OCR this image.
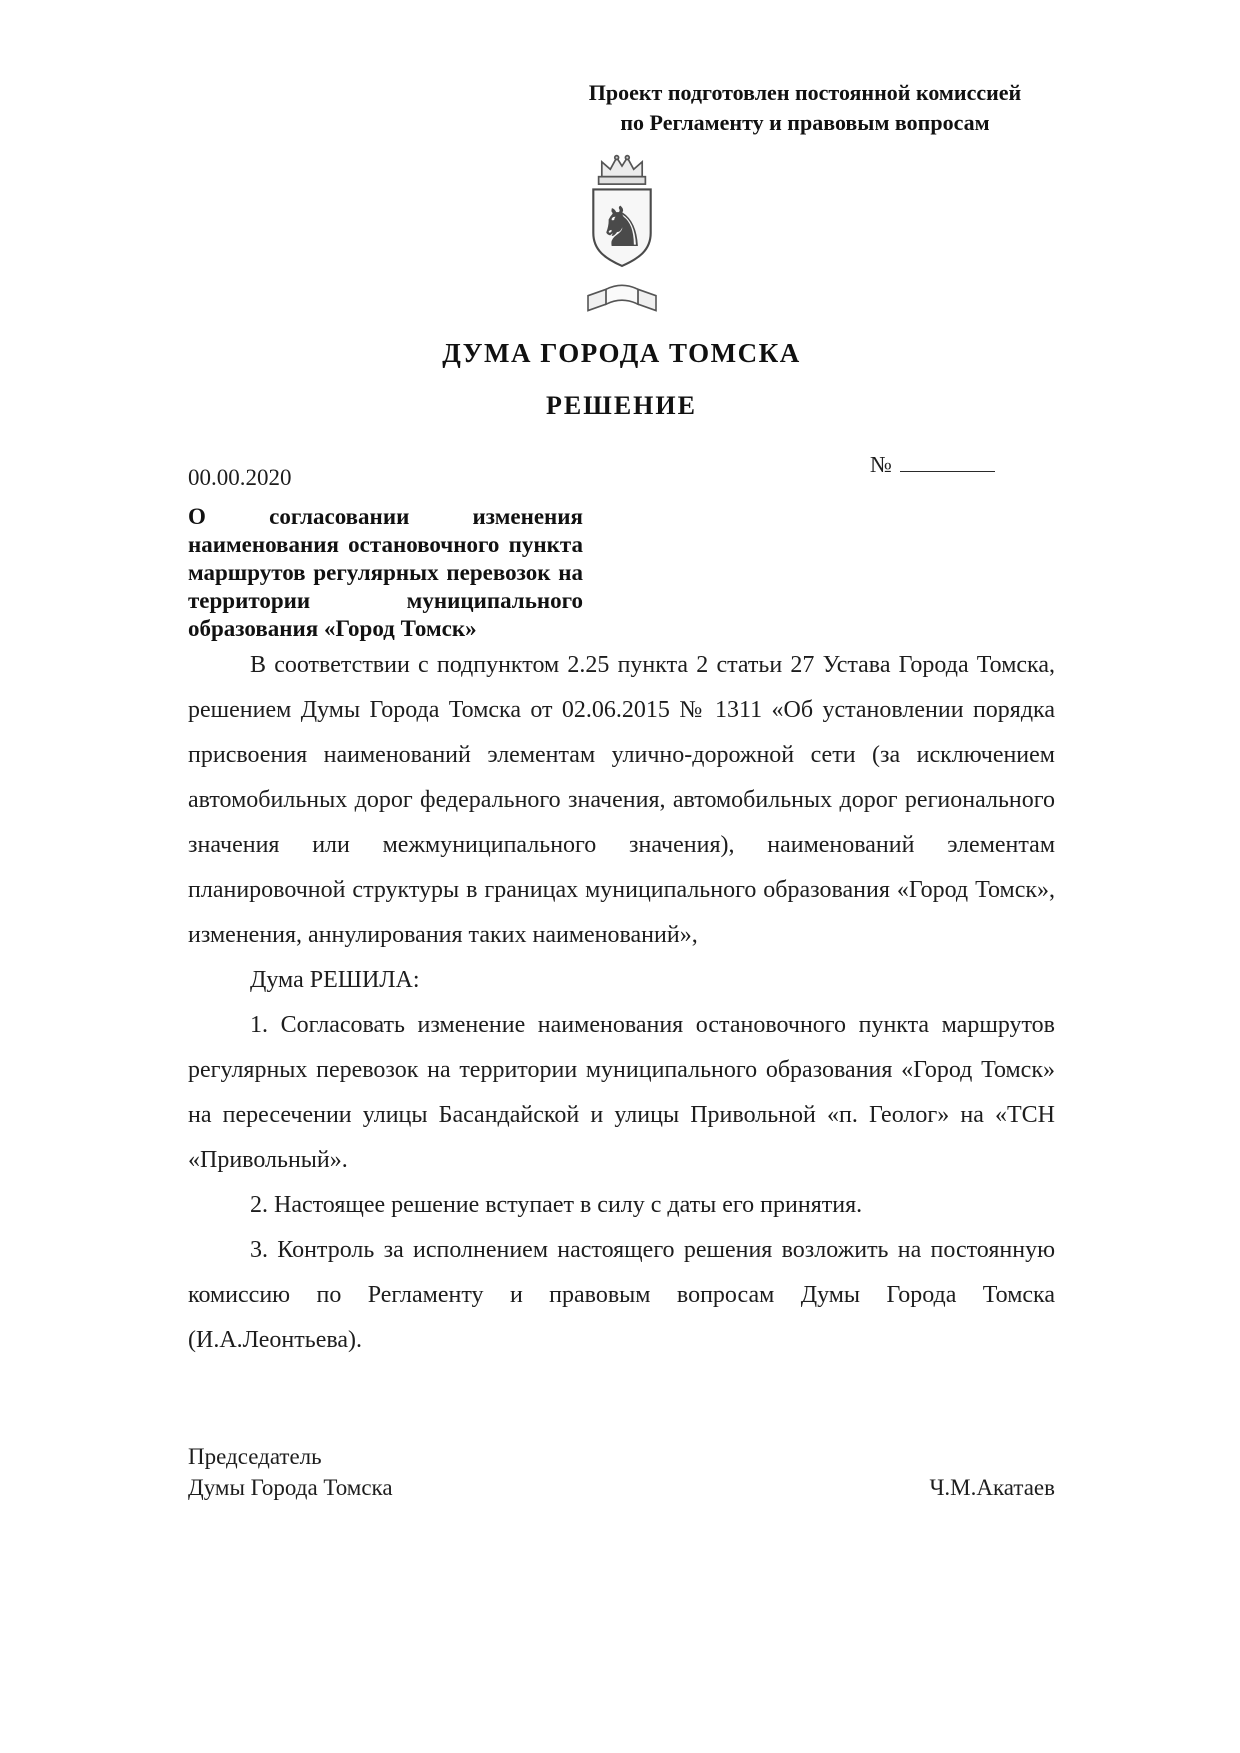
Проект подготовлен постоянной комиссией
по Регламенту и правовым вопросам
♞
ДУМА ГОРОДА ТОМСКА
РЕШЕНИЕ
00.00.2020
№
О согласовании изменения наименования остановочного пункта маршрутов регулярных перевозок на территории муниципального образования «Город Томск»

В соответствии с подпунктом 2.25 пункта 2 статьи 27 Устава Города Томска, решением Думы Города Томска от 02.06.2015 № 1311 «Об установлении порядка присвоения наименований элементам улично-дорожной сети (за исключением автомобильных дорог федерального значения, автомобильных дорог регионального значения или межмуниципального значения), наименований элементам планировочной структуры в границах муниципального образования «Город Томск», изменения, аннулирования таких наименований»,

Дума РЕШИЛА:

1. Согласовать изменение наименования остановочного пункта маршрутов регулярных перевозок на территории муниципального образования «Город Томск» на пересечении улицы Басандайской и улицы Привольной «п. Геолог» на «ТСН «Привольный».

2. Настоящее решение вступает в силу с даты его принятия.

3. Контроль за исполнением настоящего решения возложить на постоянную комиссию по Регламенту и правовым вопросам Думы Города Томска (И.А.Леонтьева).

Председатель
Думы Города Томска	Ч.М.Акатаев
